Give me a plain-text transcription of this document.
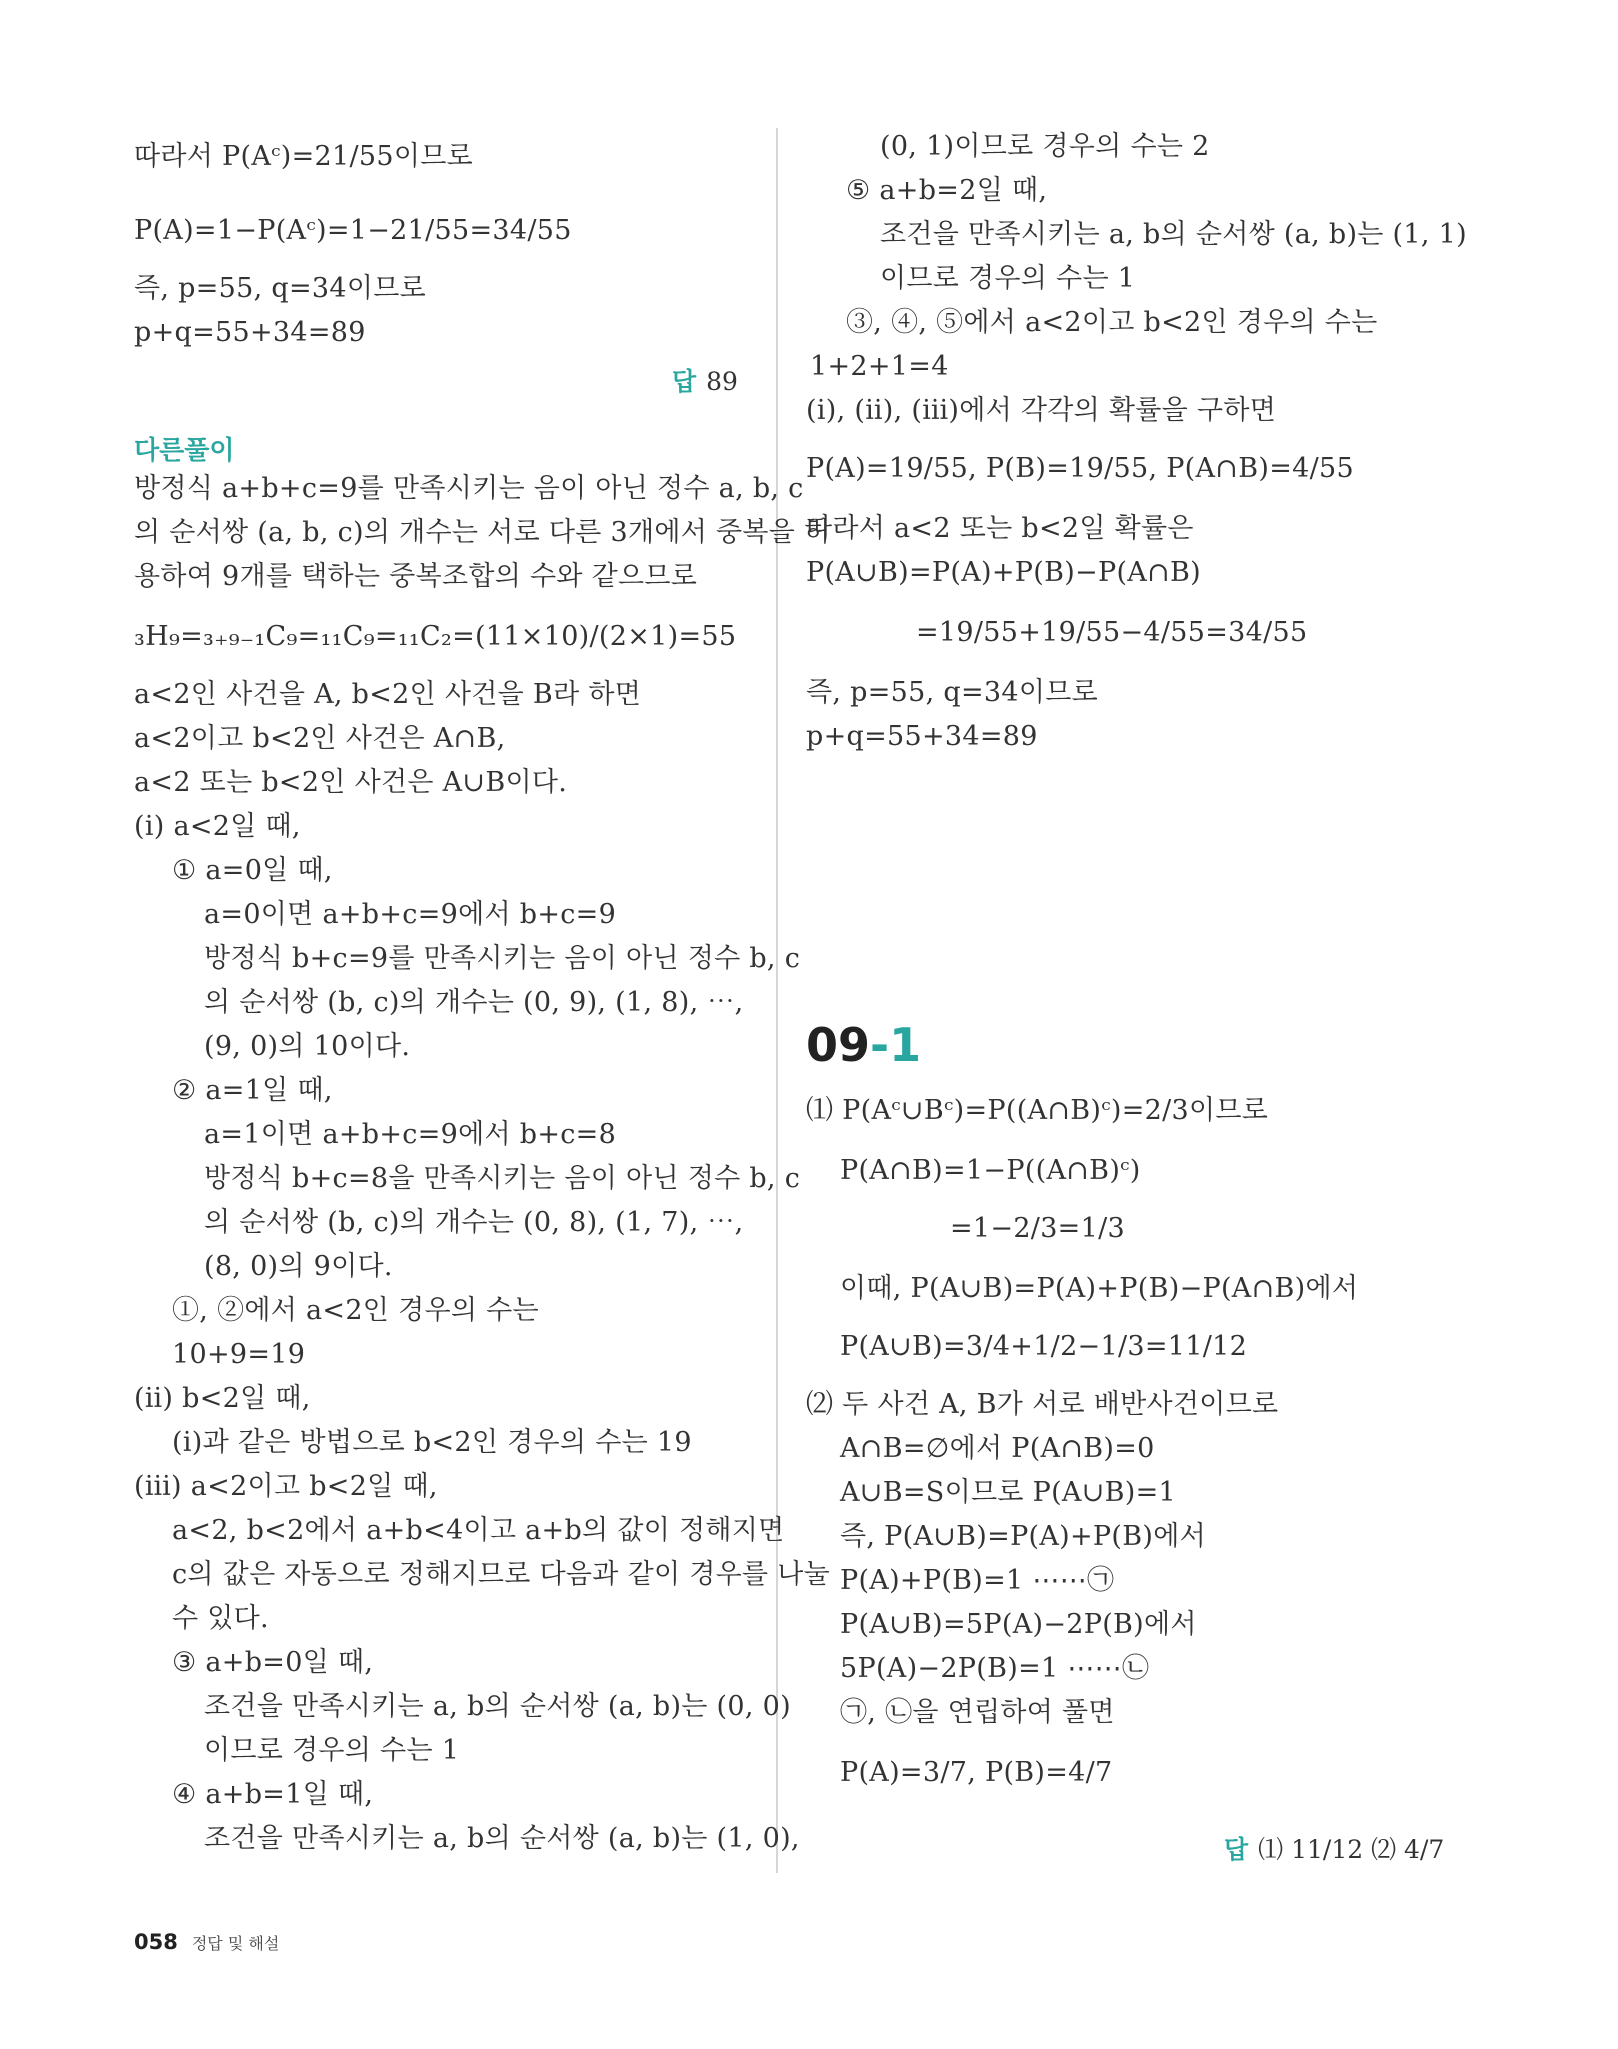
따라서 P(Aᶜ)=21/55이므로
P(A)=1−P(Aᶜ)=1−21/55=34/55
즉, p=55, q=34이므로
p+q=55+34=89
답 89
다른풀이
방정식 a+b+c=9를 만족시키는 음이 아닌 정수 a, b, c
의 순서쌍 (a, b, c)의 개수는 서로 다른 3개에서 중복을 허
용하여 9개를 택하는 중복조합의 수와 같으므로
₃H₉=₃₊₉₋₁C₉=₁₁C₉=₁₁C₂=(11×10)/(2×1)=55
a<2인 사건을 A, b<2인 사건을 B라 하면
a<2이고 b<2인 사건은 A∩B,
a<2 또는 b<2인 사건은 A∪B이다.
(ⅰ) a<2일 때,
① a=0일 때,
a=0이면 a+b+c=9에서 b+c=9
방정식 b+c=9를 만족시키는 음이 아닌 정수 b, c
의 순서쌍 (b, c)의 개수는 (0, 9), (1, 8), ⋯,
(9, 0)의 10이다.
② a=1일 때,
a=1이면 a+b+c=9에서 b+c=8
방정식 b+c=8을 만족시키는 음이 아닌 정수 b, c
의 순서쌍 (b, c)의 개수는 (0, 8), (1, 7), ⋯,
(8, 0)의 9이다.
①, ②에서 a<2인 경우의 수는
10+9=19
(ⅱ) b<2일 때,
(ⅰ)과 같은 방법으로 b<2인 경우의 수는 19
(ⅲ) a<2이고 b<2일 때,
a<2, b<2에서 a+b<4이고 a+b의 값이 정해지면
c의 값은 자동으로 정해지므로 다음과 같이 경우를 나눌
수 있다.
③ a+b=0일 때,
조건을 만족시키는 a, b의 순서쌍 (a, b)는 (0, 0)
이므로 경우의 수는 1
④ a+b=1일 때,
조건을 만족시키는 a, b의 순서쌍 (a, b)는 (1, 0),
(0, 1)이므로 경우의 수는 2
⑤ a+b=2일 때,
조건을 만족시키는 a, b의 순서쌍 (a, b)는 (1, 1)
이므로 경우의 수는 1
③, ④, ⑤에서 a<2이고 b<2인 경우의 수는
1+2+1=4
(ⅰ), (ⅱ), (ⅲ)에서 각각의 확률을 구하면
P(A)=19/55, P(B)=19/55, P(A∩B)=4/55
따라서 a<2 또는 b<2일 확률은
P(A∪B)=P(A)+P(B)−P(A∩B)
=19/55+19/55−4/55=34/55
즉, p=55, q=34이므로
p+q=55+34=89
09-1
⑴ P(Aᶜ∪Bᶜ)=P((A∩B)ᶜ)=2/3이므로
P(A∩B)=1−P((A∩B)ᶜ)
=1−2/3=1/3
이때, P(A∪B)=P(A)+P(B)−P(A∩B)에서
P(A∪B)=3/4+1/2−1/3=11/12
⑵ 두 사건 A, B가 서로 배반사건이므로
A∩B=∅에서 P(A∩B)=0
A∪B=S이므로 P(A∪B)=1
즉, P(A∪B)=P(A)+P(B)에서
P(A)+P(B)=1 ⋯⋯㉠
P(A∪B)=5P(A)−2P(B)에서
5P(A)−2P(B)=1 ⋯⋯㉡
㉠, ㉡을 연립하여 풀면
P(A)=3/7, P(B)=4/7
답 ⑴ 11/12 ⑵ 4/7
058 정답 및 해설
